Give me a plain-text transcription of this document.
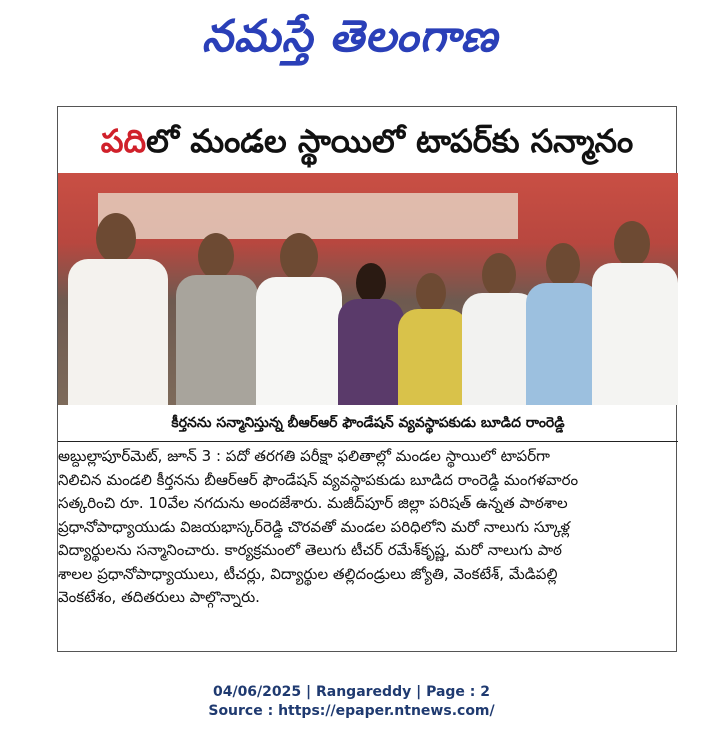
నమస్తే తెలంగాణ
పదిలో మండల స్థాయిలో టాపర్‌కు సన్మానం
కీర్తనను సన్మానిస్తున్న బీఆర్‌ఆర్ ఫౌండేషన్ వ్యవస్థాపకుడు బూడిద రాంరెడ్డి
అబ్దుల్లాపూర్‌మెట్, జూన్ 3 : పదో తరగతి పరీక్షా ఫలితాల్లో మండల స్థాయిలో టాపర్‌గా
నిలిచిన మండలి కీర్తనను బీఆర్‌ఆర్ ఫౌండేషన్ వ్యవస్థాపకుడు బూడిద రాంరెడ్డి మంగళవారం
సత్కరించి రూ. 10వేల నగదును అందజేశారు. మజీద్‌పూర్ జిల్లా పరిషత్ ఉన్నత పాఠశాల
ప్రధానోపాధ్యాయుడు విజయభాస్కర్‌రెడ్డి చొరవతో మండల పరిధిలోని మరో నాలుగు స్కూళ్ల
విద్యార్థులను సన్మానించారు. కార్యక్రమంలో తెలుగు టీచర్ రమేశ్‌కృష్ణ, మరో నాలుగు పాఠ
శాలల ప్రధానోపాధ్యాయులు, టీచర్లు, విద్యార్థుల తల్లిదండ్రులు జ్యోతి, వెంకటేశ్, మేడిపల్లి
వెంకటేశం, తదితరులు పాల్గొన్నారు.
04/06/2025 | Rangareddy | Page : 2
Source : https://epaper.ntnews.com/
